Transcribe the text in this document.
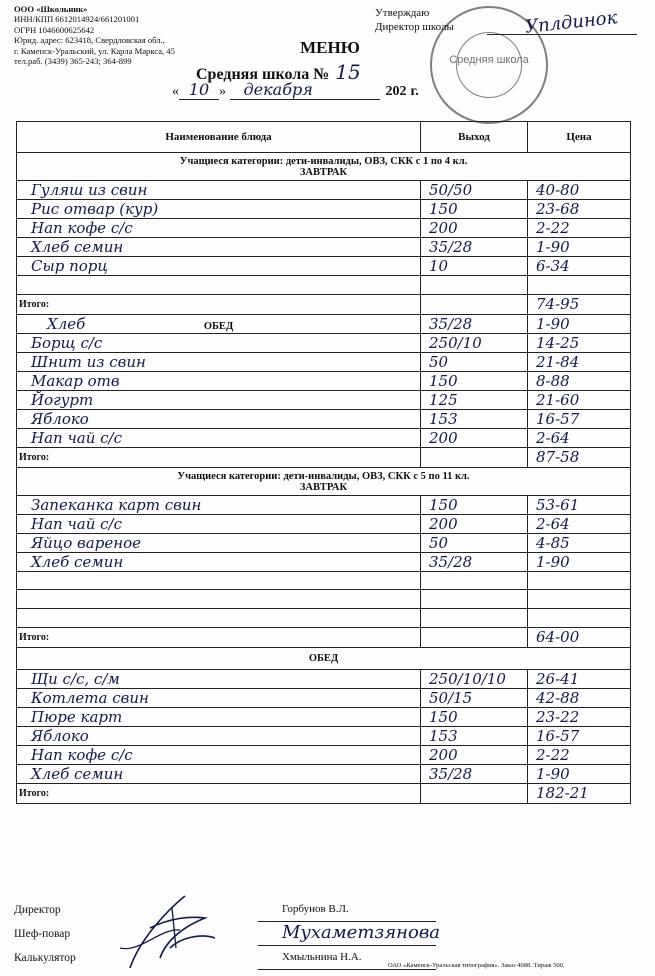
ООО «Школьник»
ИНН/КПП 6612014924/661201001
ОГРН 1046600625642
Юрид. адрес: 623418, Свердловская обл.,
г. Каменск-Уральский, ул. Карла Маркса, 45
тел.раб. (3439) 365-243; 364-899	Средняя школа
Утверждаю
Директор школы	Уплдинок
МЕНЮ
Средняя школа № 15
« 10 » декабря	202 г.
Наименование блюда	Выход	Цена

Учащиеся категории: дети-инвалиды, ОВЗ, СКК с 1 по 4 кл.
ЗАВТРАК		

Гуляш из свин	50/50	40-80
Рис отвар (кур)	150	23-68
Нап кофе с/с	200	2-22
Хлеб семин	35/28	1-90
Сыр порц	10	6-34

Итого:		74-95

ОБЕД
Хлеб	35/28	1-90
Борщ с/с	250/10	14-25
Шнит из свин	50	21-84
Макар отв	150	8-88
Йогурт	125	21-60
Яблоко	153	16-57
Нап чай с/с	200	2-64
Итого:		87-58

Учащиеся категории: дети-инвалиды, ОВЗ, СКК с 5 по 11 кл.
ЗАВТРАК		

Запеканка карт свин	150	53-61
Нап чай с/с	200	2-64
Яйцо вареное	50	4-85
Хлеб семин	35/28	1-90

Итого:		64-00
ОБЕД		
Щи с/с, с/м	250/10/10	26-41
Котлета свин	50/15	42-88
Пюре карт	150	23-22
Яблоко	153	16-57
Нап кофе с/с	200	2-22
Хлеб семин	35/28	1-90
Итого:		182-21
Директор
Шеф-повар
Калькулятор
Горбунов В.Л.
Мухаметзянова
Хмыльнина Н.А.
ОАО «Каменск-Уральская типография». Заказ 4088. Тираж 500.
